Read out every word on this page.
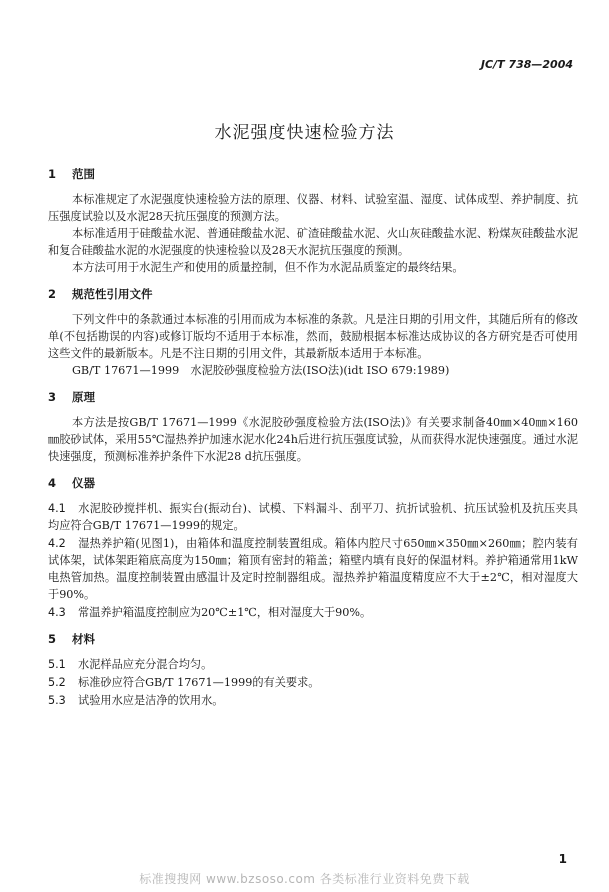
JC/T 738—2004
水泥强度快速检验方法
1 范围

本标准规定了水泥强度快速检验方法的原理、仪器、材料、试验室温、湿度、试体成型、养护制度、抗压强度试验以及水泥28天抗压强度的预测方法。

本标准适用于硅酸盐水泥、普通硅酸盐水泥、矿渣硅酸盐水泥、火山灰硅酸盐水泥、粉煤灰硅酸盐水泥和复合硅酸盐水泥的水泥强度的快速检验以及28天水泥抗压强度的预测。

本方法可用于水泥生产和使用的质量控制，但不作为水泥品质鉴定的最终结果。

2 规范性引用文件

下列文件中的条款通过本标准的引用而成为本标准的条款。凡是注日期的引用文件，其随后所有的修改单(不包括勘误的内容)或修订版均不适用于本标准，然而，鼓励根据本标准达成协议的各方研究是否可使用这些文件的最新版本。凡是不注日期的引用文件，其最新版本适用于本标准。

GB/T 17671—1999　水泥胶砂强度检验方法(ISO法)(idt ISO 679:1989)

3 原理

本方法是按GB/T 17671—1999《水泥胶砂强度检验方法(ISO法)》有关要求制备40㎜×40㎜×160㎜胶砂试体，采用55℃湿热养护加速水泥水化24h后进行抗压强度试验，从而获得水泥快速强度。通过水泥快速强度，预测标准养护条件下水泥28 d抗压强度。

4 仪器

4.1 水泥胶砂搅拌机、振实台(振动台)、试模、下料漏斗、刮平刀、抗折试验机、抗压试验机及抗压夹具均应符合GB/T 17671—1999的规定。

4.2 湿热养护箱(见图1)，由箱体和温度控制装置组成。箱体内腔尺寸650㎜×350㎜×260㎜；腔内装有试体架，试体架距箱底高度为150㎜；箱顶有密封的箱盖；箱壁内填有良好的保温材料。养护箱通常用1kW电热管加热。温度控制装置由感温计及定时控制器组成。湿热养护箱温度精度应不大于±2℃，相对湿度大于90%。

4.3 常温养护箱温度控制应为20℃±1℃，相对湿度大于90%。

5 材料

5.1 水泥样品应充分混合均匀。

5.2 标准砂应符合GB/T 17671—1999的有关要求。

5.3 试验用水应是洁净的饮用水。

1
标准搜搜网 www.bzsoso.com 各类标准行业资料免费下载
